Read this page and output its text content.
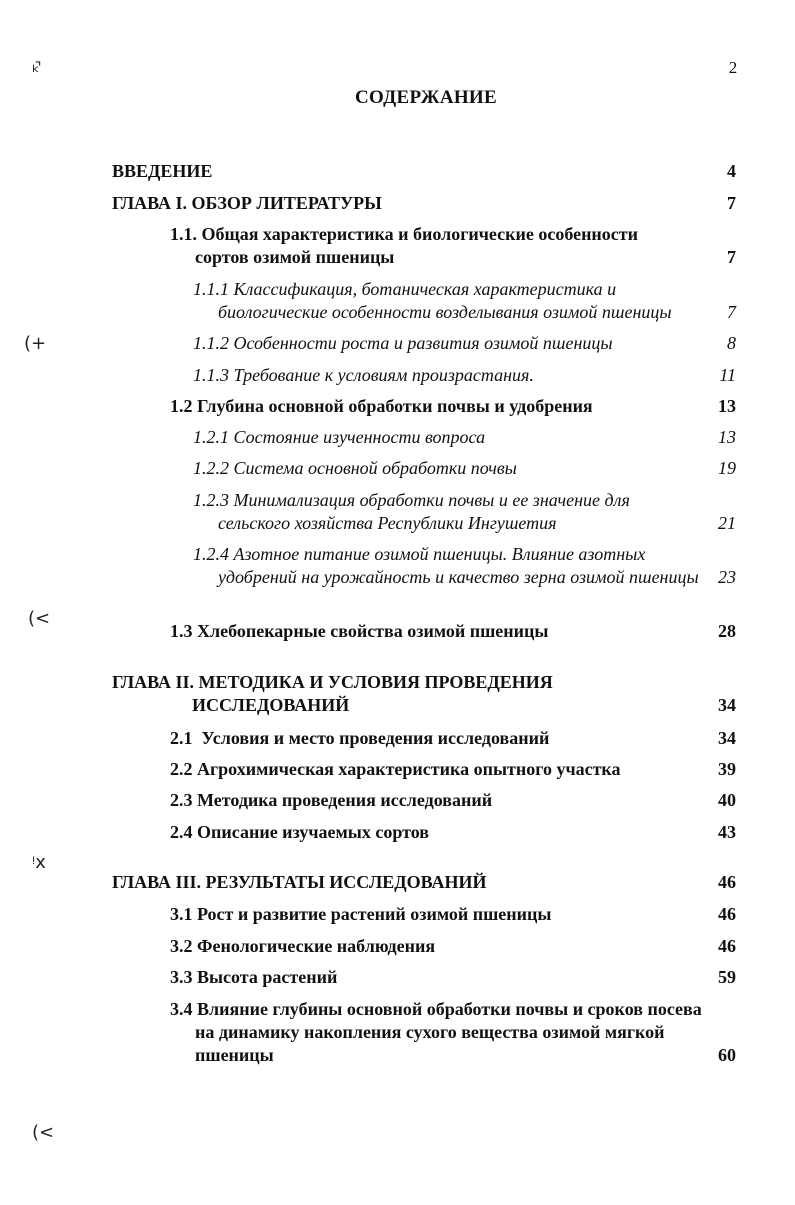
2
СОДЕРЖАНИЕ
ᵏ̚
(+
(<
ᵎx
(<
ВВЕДЕНИЕ	4
ГЛАВА I. ОБЗОР ЛИТЕРАТУРЫ	7
1.1. Общая характеристика и биологические особенности сортов озимой пшеницы	7
1.1.1 Классификация, ботаническая характеристика и биологические особенности возделывания озимой пшеницы	7
1.1.2 Особенности роста и развития озимой пшеницы	8
1.1.3 Требование к условиям произрастания.	11
1.2 Глубина основной обработки почвы и удобрения	13
1.2.1 Состояние изученности вопроса	13
1.2.2 Система основной обработки почвы	19
1.2.3 Минимализация обработки почвы и ее значение для сельского хозяйства Республики Ингушетия	21
1.2.4 Азотное питание озимой пшеницы. Влияние азотных удобрений на урожайность и качество зерна озимой пшеницы	23
1.3 Хлебопекарные свойства озимой пшеницы	28
ГЛАВА II. МЕТОДИКА И УСЛОВИЯ ПРОВЕДЕНИЯ ИССЛЕДОВАНИЙ	34
2.1  Условия и место проведения исследований	34
2.2 Агрохимическая характеристика опытного участка	39
2.3 Методика проведения исследований	40
2.4 Описание изучаемых сортов	43
ГЛАВА III. РЕЗУЛЬТАТЫ ИССЛЕДОВАНИЙ	46
3.1 Рост и развитие растений озимой пшеницы	46
3.2 Фенологические наблюдения	46
3.3 Высота растений	59
3.4 Влияние глубины основной обработки почвы и сроков посева на динамику накопления сухого вещества озимой мягкой пшеницы	60
